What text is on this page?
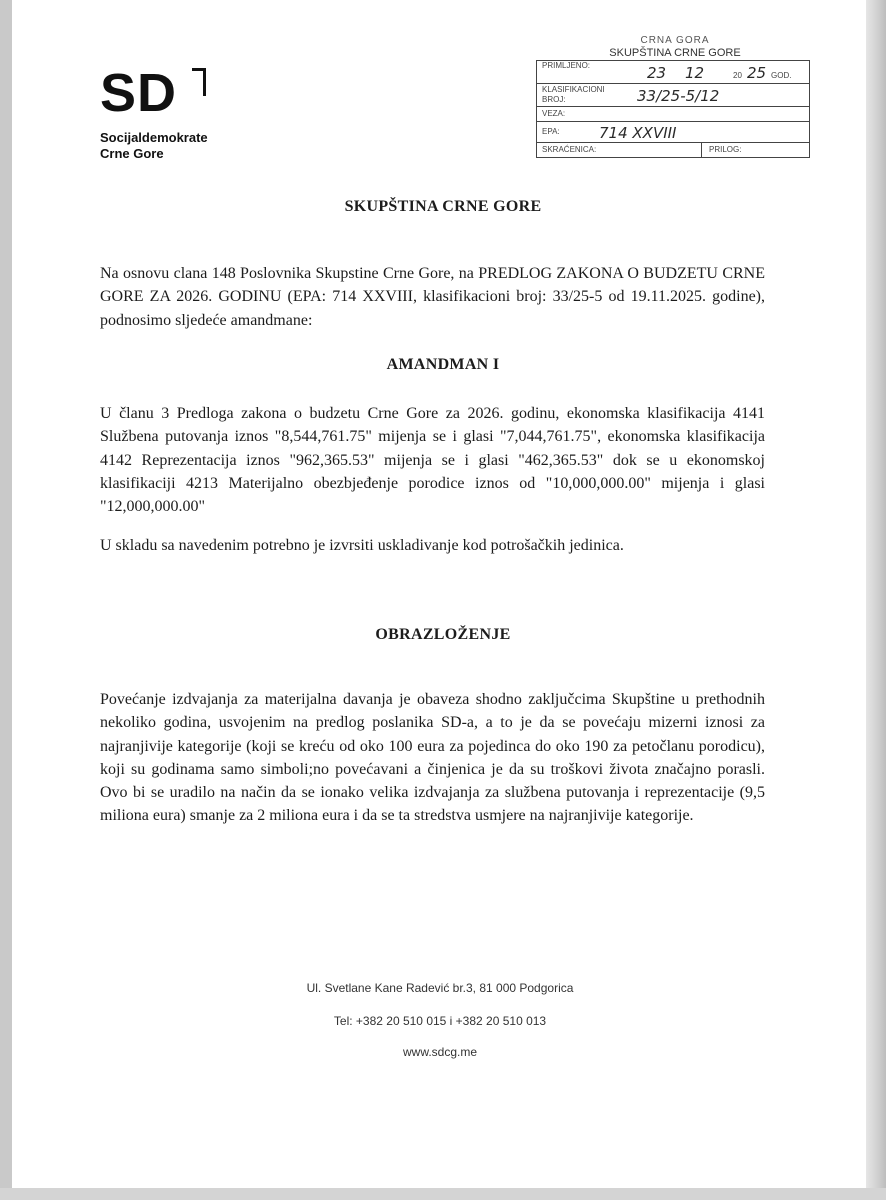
SD
Socijaldemokrate
Crne Gore
CRNA GORA
SKUPŠTINA CRNE GORE
PRIMLJENO:	23 12	20 25 GOD.
KLASIFIKACIONI
BROJ:	33/25-5/12
VEZA:
EPA:	714 XXVIII
SKRAĆENICA:	PRILOG:
SKUPŠTINA CRNE GORE
Na osnovu clana 148 Poslovnika Skupstine Crne Gore, na PREDLOG ZAKONA O BUDZETU CRNE GORE ZA 2026. GODINU (EPA: 714 XXVIII, klasifikacioni broj: 33/25-5 od 19.11.2025. godine), podnosimo sljedeće amandmane:
AMANDMAN I
U članu 3 Predloga zakona o budzetu Crne Gore za 2026. godinu, ekonomska klasifikacija 4141 Službena putovanja iznos "8,544,761.75" mijenja se i glasi "7,044,761.75", ekonomska klasifikacija 4142 Reprezentacija iznos "962,365.53" mijenja se i glasi "462,365.53" dok se u ekonomskoj klasifikaciji 4213 Materijalno obezbjeđenje porodice iznos od "10,000,000.00" mijenja i glasi "12,000,000.00"
U skladu sa navedenim potrebno je izvrsiti uskladivanje kod potrošačkih jedinica.
OBRAZLOŽENJE
Povećanje izdvajanja za materijalna davanja je obaveza shodno zaključcima Skupštine u prethodnih nekoliko godina, usvojenim na predlog poslanika SD-a, a to je da se povećaju mizerni iznosi za najranjivije kategorije (koji se kreću od oko 100 eura za pojedinca do oko 190 za petočlanu porodicu), koji su godinama samo simboli;no povećavani a činjenica je da su troškovi života značajno porasli. Ovo bi se uradilo na način da se ionako velika izdvajanja za službena putovanja i reprezentacije (9,5 miliona eura) smanje za 2 miliona eura i da se ta stredstva usmjere na najranjivije kategorije.
Ul. Svetlane Kane Radević br.3, 81 000 Podgorica
Tel: +382 20 510 015 i +382 20 510 013
www.sdcg.me
